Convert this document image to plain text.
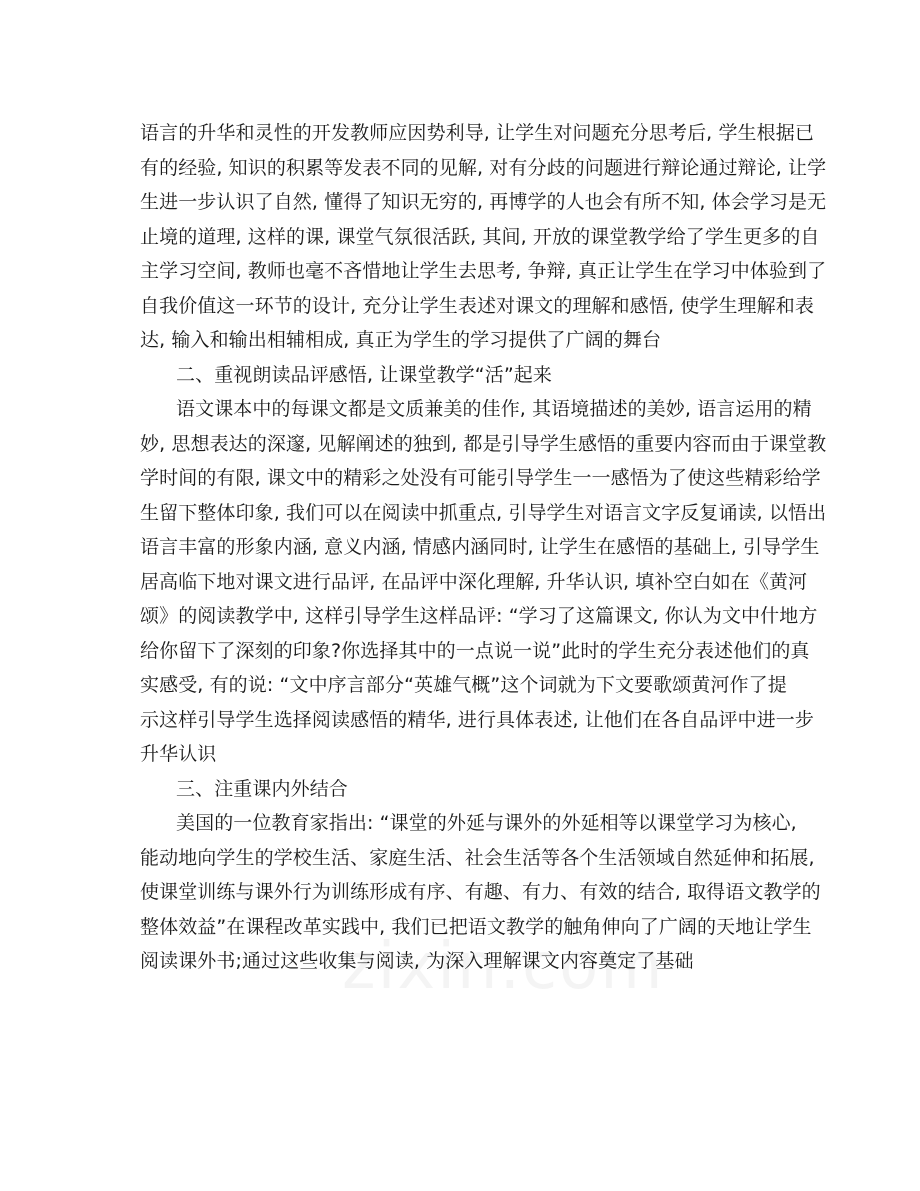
语言的升华和灵性的开发教师应因势利导, 让学生对问题充分思考后, 学生根据已
有的经验, 知识的积累等发表不同的见解, 对有分歧的问题进行辩论通过辩论, 让学
生进一步认识了自然, 懂得了知识无穷的, 再博学的人也会有所不知, 体会学习是无
止境的道理, 这样的课, 课堂气氛很活跃, 其间, 开放的课堂教学给了学生更多的自
主学习空间, 教师也毫不吝惜地让学生去思考, 争辩, 真正让学生在学习中体验到了
自我价值这一环节的设计, 充分让学生表述对课文的理解和感悟, 使学生理解和表
达, 输入和输出相辅相成, 真正为学生的学习提供了广阔的舞台
二、重视朗读品评感悟, 让课堂教学“活”起来
语文课本中的每课文都是文质兼美的佳作, 其语境描述的美妙, 语言运用的精
妙, 思想表达的深邃, 见解阐述的独到, 都是引导学生感悟的重要内容而由于课堂教
学时间的有限, 课文中的精彩之处没有可能引导学生一一感悟为了使这些精彩给学
生留下整体印象, 我们可以在阅读中抓重点, 引导学生对语言文字反复诵读, 以悟出
语言丰富的形象内涵, 意义内涵, 情感内涵同时, 让学生在感悟的基础上, 引导学生
居高临下地对课文进行品评, 在品评中深化理解, 升华认识, 填补空白如在《黄河
颂》的阅读教学中, 这样引导学生这样品评: “学习了这篇课文, 你认为文中什地方
给你留下了深刻的印象?你选择其中的一点说一说”此时的学生充分表述他们的真
实感受, 有的说: “文中序言部分“英雄气概”这个词就为下文要歌颂黄河作了提
示这样引导学生选择阅读感悟的精华, 进行具体表述, 让他们在各自品评中进一步
升华认识
三、注重课内外结合
美国的一位教育家指出: “课堂的外延与课外的外延相等以课堂学习为核心,
能动地向学生的学校生活、家庭生活、社会生活等各个生活领域自然延伸和拓展,
使课堂训练与课外行为训练形成有序、有趣、有力、有效的结合, 取得语文教学的
整体效益”在课程改革实践中, 我们已把语文教学的触角伸向了广阔的天地让学生
阅读课外书;通过这些收集与阅读, 为深入理解课文内容奠定了基础
